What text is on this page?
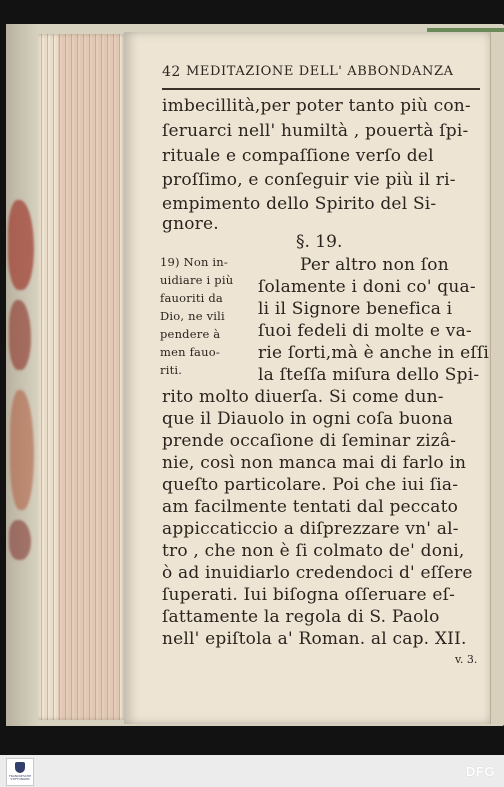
42 MEDITAZIONE DELL' ABBONDANZA
imbecillità,per poter tanto più con-
ſeruarci nell' humiltà , pouertà ſpi-
rituale e compaſſione verſo del
proſſimo, e conſeguir vie più il ri-
empimento dello Spirito del Si-
gnore.
§. 19.
Per altro non ſon
ſolamente i doni co' qua-
li il Signore benefica i
ſuoi fedeli di molte e va-
rie ſorti,mà è anche in eſſi
la ſteſſa miſura dello Spi-
rito molto diuerſa. Si come dun-
que il Diauolo in ogni coſa buona
prende occaſione di ſeminar zizâ-
nie, così non manca mai di farlo in
queſto particolare. Poi che iui ſia-
am facilmente tentati dal peccato
appiccaticcio a diſprezzare vn' al-
tro , che non è ſi colmato de' doni,
ò ad inuidiarlo credendoci d' eſſere
ſuperati. Iui biſogna oſſeruare eſ-
ſattamente la regola di S. Paolo
nell' epiſtola a' Roman. al cap. XII.
19) Non in-
uidiare i più
fauoriti da
Dio, ne vili
pendere à
men fauo-
riti.
v. 3.
FRANCKESCHE STIFTUNGEN	DFG
